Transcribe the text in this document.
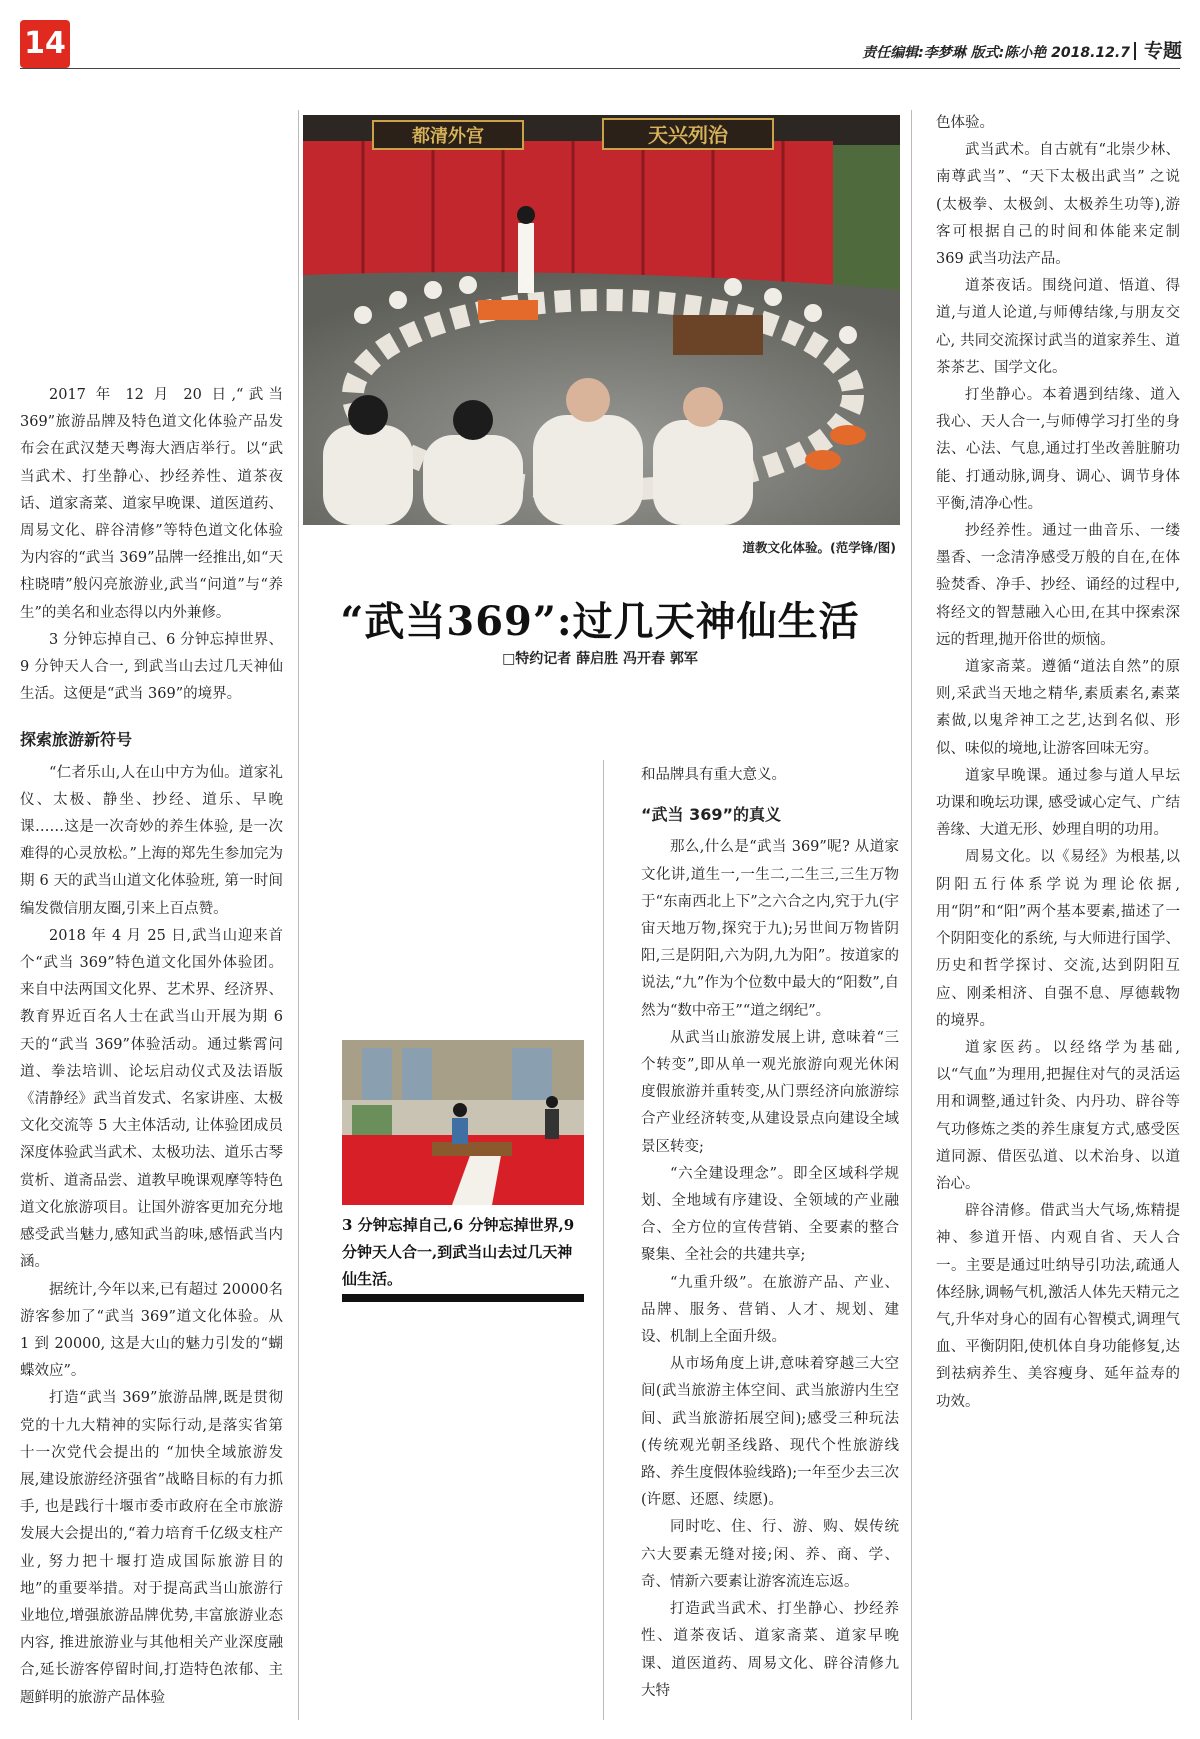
14	责任编辑:李梦琳 版式:陈小艳 2018.12.7 专题
都清外宫	天兴列治
道教文化体验。(范学锋/图)
“武当369”:过几天神仙生活
□特约记者 薛启胜 冯开春 郭军

2017 年 12 月 20 日,“武当 369”旅游品牌及特色道文化体验产品发布会在武汉楚天粤海大酒店举行。以“武当武术、打坐静心、抄经养性、道茶夜话、道家斋菜、道家早晚课、道医道药、周易文化、辟谷清修”等特色道文化体验为内容的“武当 369”品牌一经推出,如“天柱晓晴”般闪亮旅游业,武当“问道”与“养生”的美名和业态得以内外兼修。

3 分钟忘掉自己、6 分钟忘掉世界、9 分钟天人合一, 到武当山去过几天神仙生活。这便是“武当 369”的境界。

探索旅游新符号

“仁者乐山,人在山中方为仙。道家礼仪、太极、静坐、抄经、道乐、早晚课……这是一次奇妙的养生体验, 是一次难得的心灵放松。”上海的郑先生参加完为期 6 天的武当山道文化体验班, 第一时间编发微信朋友圈,引来上百点赞。

2018 年 4 月 25 日,武当山迎来首个“武当 369”特色道文化国外体验团。来自中法两国文化界、艺术界、经济界、教育界近百名人士在武当山开展为期 6 天的“武当 369”体验活动。通过紫霄问道、拳法培训、论坛启动仪式及法语版《清静经》武当首发式、名家讲座、太极文化交流等 5 大主体活动, 让体验团成员深度体验武当武术、太极功法、道乐古琴赏析、道斋品尝、道教早晚课观摩等特色道文化旅游项目。让国外游客更加充分地感受武当魅力,感知武当韵味,感悟武当内涵。

据统计,今年以来,已有超过 20000名游客参加了“武当 369”道文化体验。从 1 到 20000, 这是大山的魅力引发的“蝴蝶效应”。

打造“武当 369”旅游品牌,既是贯彻党的十九大精神的实际行动,是落实省第十一次党代会提出的 “加快全域旅游发展,建设旅游经济强省”战略目标的有力抓手, 也是践行十堰市委市政府在全市旅游发展大会提出的,“着力培育千亿级支柱产业, 努力把十堰打造成国际旅游目的地”的重要举措。对于提高武当山旅游行业地位,增强旅游品牌优势,丰富旅游业态内容, 推进旅游业与其他相关产业深度融合,延长游客停留时间,打造特色浓郁、主题鲜明的旅游产品体验

3 分钟忘掉自己,6 分钟忘掉世界,9 分钟天人合一,到武当山去过几天神仙生活。

和品牌具有重大意义。

“武当 369”的真义

那么,什么是“武当 369”呢? 从道家文化讲,道生一,一生二,二生三,三生万物于“东南西北上下”之六合之内,究于九(宇宙天地万物,探究于九);另世间万物皆阴阳,三是阴阳,六为阴,九为阳”。按道家的说法,“九”作为个位数中最大的“阳数”,自然为“数中帝王”“道之纲纪”。

从武当山旅游发展上讲, 意味着“三个转变”,即从单一观光旅游向观光休闲度假旅游并重转变,从门票经济向旅游综合产业经济转变,从建设景点向建设全域景区转变;

“六全建设理念”。即全区域科学规划、全地域有序建设、全领域的产业融合、全方位的宣传营销、全要素的整合聚集、全社会的共建共享;

“九重升级”。在旅游产品、产业、品牌、服务、营销、人才、规划、建设、机制上全面升级。

从市场角度上讲,意味着穿越三大空间(武当旅游主体空间、武当旅游内生空间、武当旅游拓展空间);感受三种玩法(传统观光朝圣线路、现代个性旅游线路、养生度假体验线路);一年至少去三次(许愿、还愿、续愿)。

同时吃、住、行、游、购、娱传统六大要素无缝对接;闲、养、商、学、奇、情新六要素让游客流连忘返。

打造武当武术、打坐静心、抄经养性、道茶夜话、道家斋菜、道家早晚课、道医道药、周易文化、辟谷清修九大特

色体验。

武当武术。自古就有“北崇少林、南尊武当”、“天下太极出武当” 之说(太极拳、太极剑、太极养生功等),游客可根据自己的时间和体能来定制 369 武当功法产品。

道茶夜话。围绕问道、悟道、得道,与道人论道,与师傅结缘,与朋友交心, 共同交流探讨武当的道家养生、道茶茶艺、国学文化。

打坐静心。本着遇到结缘、道入我心、天人合一,与师傅学习打坐的身法、心法、气息,通过打坐改善脏腑功能、打通动脉,调身、调心、调节身体平衡,清净心性。

抄经养性。通过一曲音乐、一缕墨香、一念清净感受万般的自在,在体验焚香、净手、抄经、诵经的过程中,将经文的智慧融入心田,在其中探索深远的哲理,抛开俗世的烦恼。

道家斋菜。遵循“道法自然”的原则,采武当天地之精华,素质素名,素菜素做,以鬼斧神工之艺,达到名似、形似、味似的境地,让游客回味无穷。

道家早晚课。通过参与道人早坛功课和晚坛功课, 感受诚心定气、广结善缘、大道无形、妙理自明的功用。

周易文化。以《易经》为根基,以阴阳五行体系学说为理论依据,用“阴”和“阳”两个基本要素,描述了一个阴阳变化的系统, 与大师进行国学、历史和哲学探讨、交流,达到阴阳互应、刚柔相济、自强不息、厚德载物的境界。

道家医药。以经络学为基础,以“气血”为理用,把握住对气的灵活运用和调整,通过针灸、内丹功、辟谷等气功修炼之类的养生康复方式,感受医道同源、借医弘道、以术治身、以道治心。

辟谷清修。借武当大气场,炼精提神、参道开悟、内观自省、天人合一。主要是通过吐纳导引功法,疏通人体经脉,调畅气机,激活人体先天精元之气,升华对身心的固有心智模式,调理气血、平衡阴阳,使机体自身功能修复,达到祛病养生、美容瘦身、延年益寿的功效。
